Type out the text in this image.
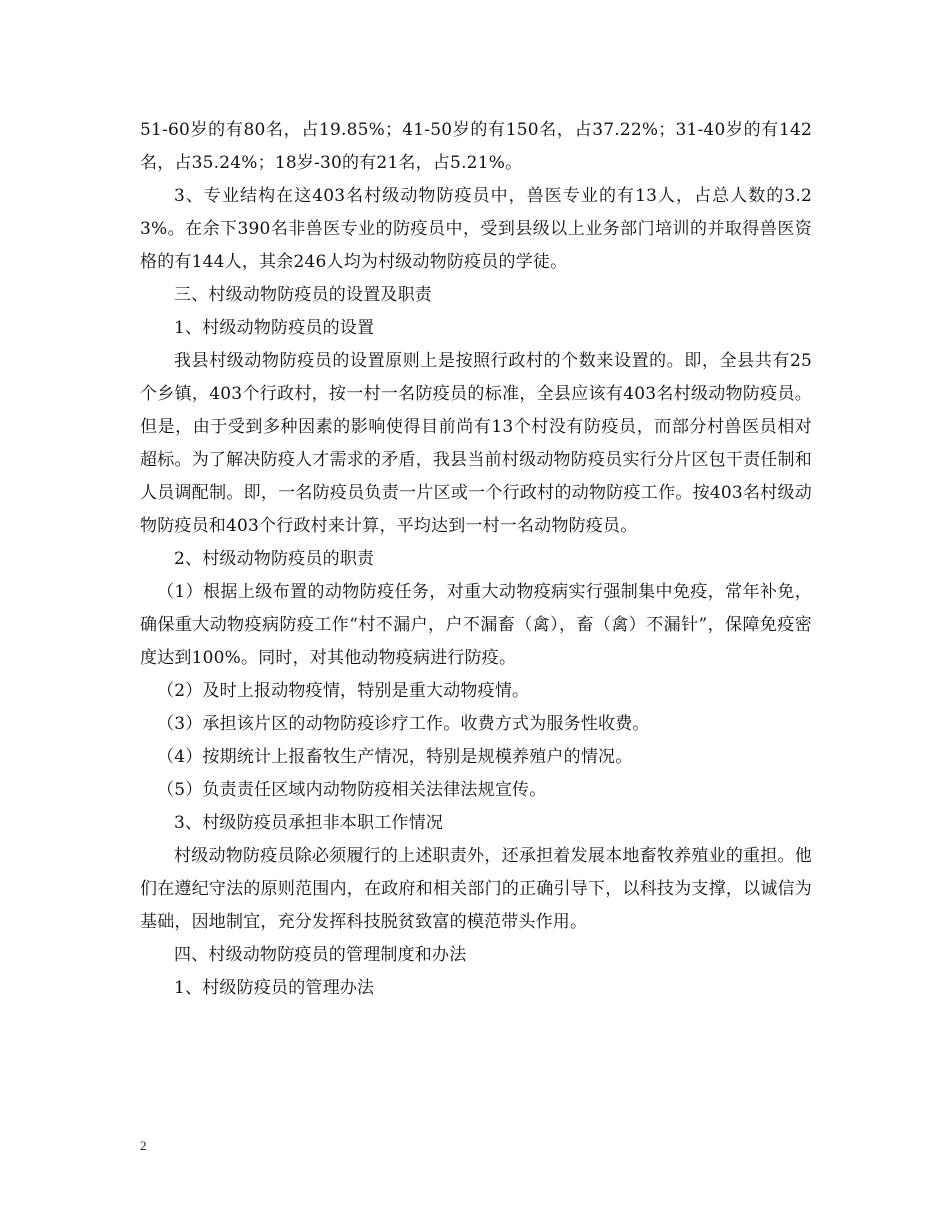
51-60岁的有80名，占19.85%；41-50岁的有150名，占37.22%；31-40岁的有142名，占35.24%；18岁-30的有21名，占5.21%。

3、专业结构在这403名村级动物防疫员中，兽医专业的有13人，占总人数的3.23%。在余下390名非兽医专业的防疫员中，受到县级以上业务部门培训的并取得兽医资格的有144人，其余246人均为村级动物防疫员的学徒。

三、村级动物防疫员的设置及职责

1、村级动物防疫员的设置

我县村级动物防疫员的设置原则上是按照行政村的个数来设置的。即，全县共有25个乡镇，403个行政村，按一村一名防疫员的标准，全县应该有403名村级动物防疫员。但是，由于受到多种因素的影响使得目前尚有13个村没有防疫员，而部分村兽医员相对超标。为了解决防疫人才需求的矛盾，我县当前村级动物防疫员实行分片区包干责任制和人员调配制。即，一名防疫员负责一片区或一个行政村的动物防疫工作。按403名村级动物防疫员和403个行政村来计算，平均达到一村一名动物防疫员。

2、村级动物防疫员的职责

（1）根据上级布置的动物防疫任务，对重大动物疫病实行强制集中免疫，常年补免，确保重大动物疫病防疫工作“村不漏户，户不漏畜（禽），畜（禽）不漏针”，保障免疫密度达到100%。同时，对其他动物疫病进行防疫。

（2）及时上报动物疫情，特别是重大动物疫情。

（3）承担该片区的动物防疫诊疗工作。收费方式为服务性收费。

（4）按期统计上报畜牧生产情况，特别是规模养殖户的情况。

（5）负责责任区域内动物防疫相关法律法规宣传。

3、村级防疫员承担非本职工作情况

村级动物防疫员除必须履行的上述职责外，还承担着发展本地畜牧养殖业的重担。他们在遵纪守法的原则范围内，在政府和相关部门的正确引导下，以科技为支撑，以诚信为基础，因地制宜，充分发挥科技脱贫致富的模范带头作用。

四、村级动物防疫员的管理制度和办法

1、村级防疫员的管理办法

2
